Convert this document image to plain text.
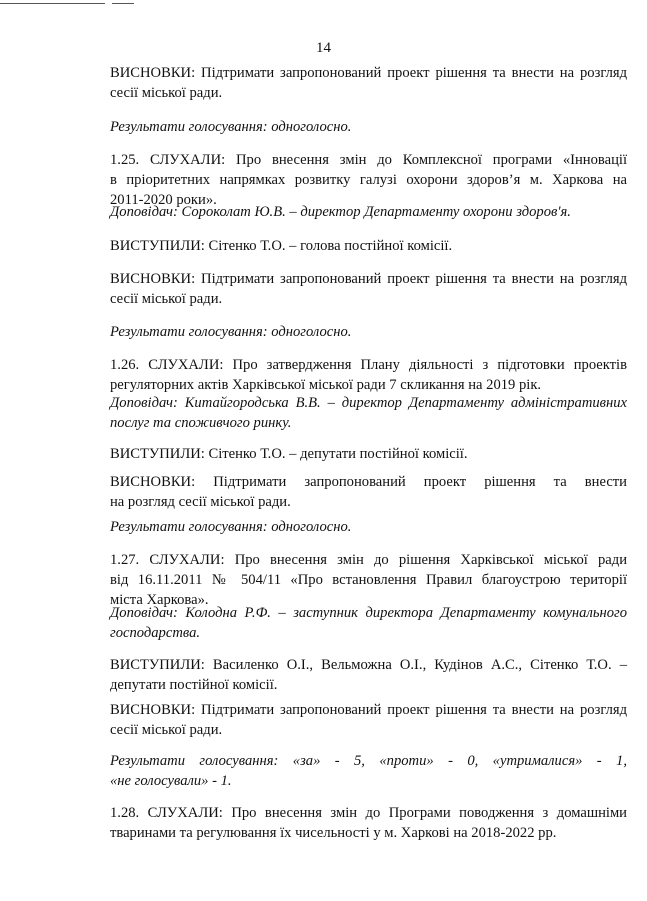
14
ВИСНОВКИ: Підтримати запропонований проект рішення та внести на розгляд
сесії міської ради.
Результати голосування: одноголосно.
1.25. СЛУХАЛИ: Про внесення змін до Комплексної програми «Інновації
в пріоритетних напрямках розвитку галузі охорони здоров’я м. Харкова на
2011-2020 роки».
Доповідач: Сороколат Ю.В. – директор Департаменту охорони здоров'я.
ВИСТУПИЛИ: Сітенко Т.О. – голова постійної комісії.
ВИСНОВКИ: Підтримати запропонований проект рішення та внести на розгляд
сесії міської ради.
Результати голосування: одноголосно.
1.26. СЛУХАЛИ: Про затвердження Плану діяльності з підготовки проектів
регуляторних актів Харківської міської ради 7 скликання на 2019 рік.
Доповідач: Китайгородська В.В. – директор Департаменту адміністративних
послуг та споживчого ринку.
ВИСТУПИЛИ: Сітенко Т.О. – депутати постійної комісії.
ВИСНОВКИ: Підтримати запропонований проект рішення та внести
на розгляд сесії міської ради.
Результати голосування: одноголосно.
1.27. СЛУХАЛИ: Про внесення змін до рішення Харківської міської ради
від 16.11.2011 № 504/11 «Про встановлення Правил благоустрою території
міста Харкова».
Доповідач: Колодна Р.Ф. – заступник директора Департаменту комунального
господарства.
ВИСТУПИЛИ: Василенко О.І., Вельможна О.І., Кудінов А.С., Сітенко Т.О. –
депутати постійної комісії.
ВИСНОВКИ: Підтримати запропонований проект рішення та внести на розгляд
сесії міської ради.
Результати голосування: «за» - 5, «проти» - 0, «утрималися» - 1,
«не голосували» - 1.
1.28. СЛУХАЛИ: Про внесення змін до Програми поводження з домашніми
тваринами та регулювання їх чисельності у м. Харкові на 2018-2022 рр.
